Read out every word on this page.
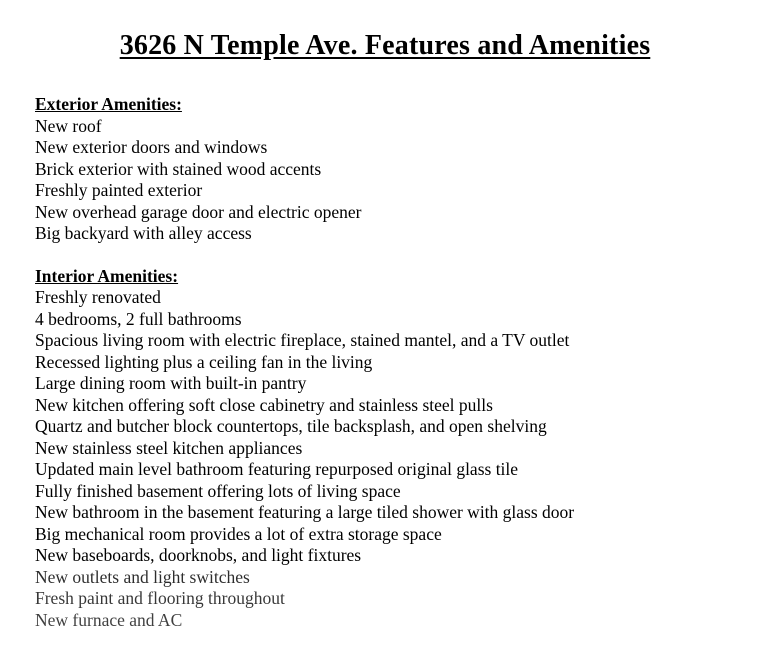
3626 N Temple Ave. Features and Amenities
Exterior Amenities:
New roof
New exterior doors and windows
Brick exterior with stained wood accents
Freshly painted exterior
New overhead garage door and electric opener
Big backyard with alley access
Interior Amenities:
Freshly renovated
4 bedrooms, 2 full bathrooms
Spacious living room with electric fireplace, stained mantel, and a TV outlet
Recessed lighting plus a ceiling fan in the living
Large dining room with built-in pantry
New kitchen offering soft close cabinetry and stainless steel pulls
Quartz and butcher block countertops, tile backsplash, and open shelving
New stainless steel kitchen appliances
Updated main level bathroom featuring repurposed original glass tile
Fully finished basement offering lots of living space
New bathroom in the basement featuring a large tiled shower with glass door
Big mechanical room provides a lot of extra storage space
New baseboards, doorknobs, and light fixtures
New outlets and light switches
Fresh paint and flooring throughout
New furnace and AC
